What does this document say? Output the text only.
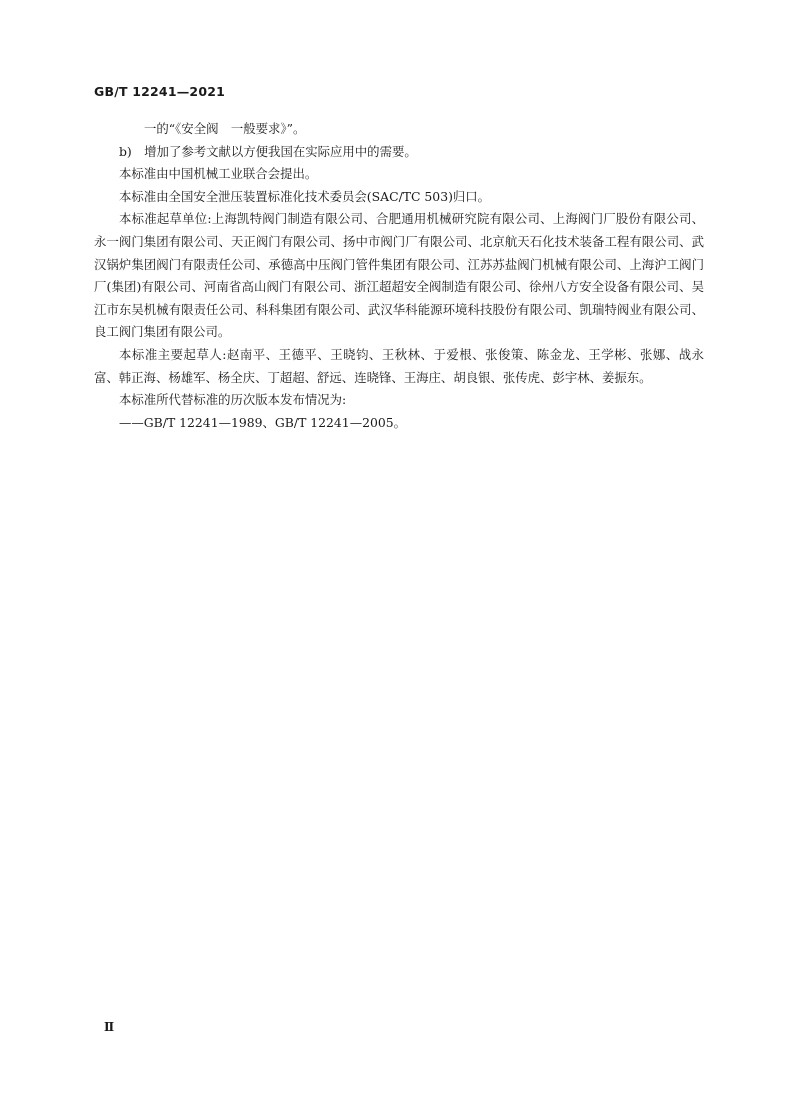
GB/T 12241—2021

一的“《安全阀　一般要求》”。

b)　增加了参考文献以方便我国在实际应用中的需要。

本标准由中国机械工业联合会提出。

本标准由全国安全泄压装置标准化技术委员会(SAC/TC 503)归口。

本标准起草单位:上海凯特阀门制造有限公司、合肥通用机械研究院有限公司、上海阀门厂股份有限公司、永一阀门集团有限公司、天正阀门有限公司、扬中市阀门厂有限公司、北京航天石化技术装备工程有限公司、武汉锅炉集团阀门有限责任公司、承德高中压阀门管件集团有限公司、江苏苏盐阀门机械有限公司、上海沪工阀门厂(集团)有限公司、河南省高山阀门有限公司、浙江超超安全阀制造有限公司、徐州八方安全设备有限公司、吴江市东吴机械有限责任公司、科科集团有限公司、武汉华科能源环境科技股份有限公司、凯瑞特阀业有限公司、良工阀门集团有限公司。

本标准主要起草人:赵南平、王德平、王晓钧、王秋林、于爱根、张俊策、陈金龙、王学彬、张娜、战永富、韩正海、杨雄军、杨全庆、丁超超、舒远、连晓锋、王海庄、胡良银、张传虎、彭宇林、姜振东。

本标准所代替标准的历次版本发布情况为:

——GB/T 12241—1989、GB/T 12241—2005。

Ⅱ
